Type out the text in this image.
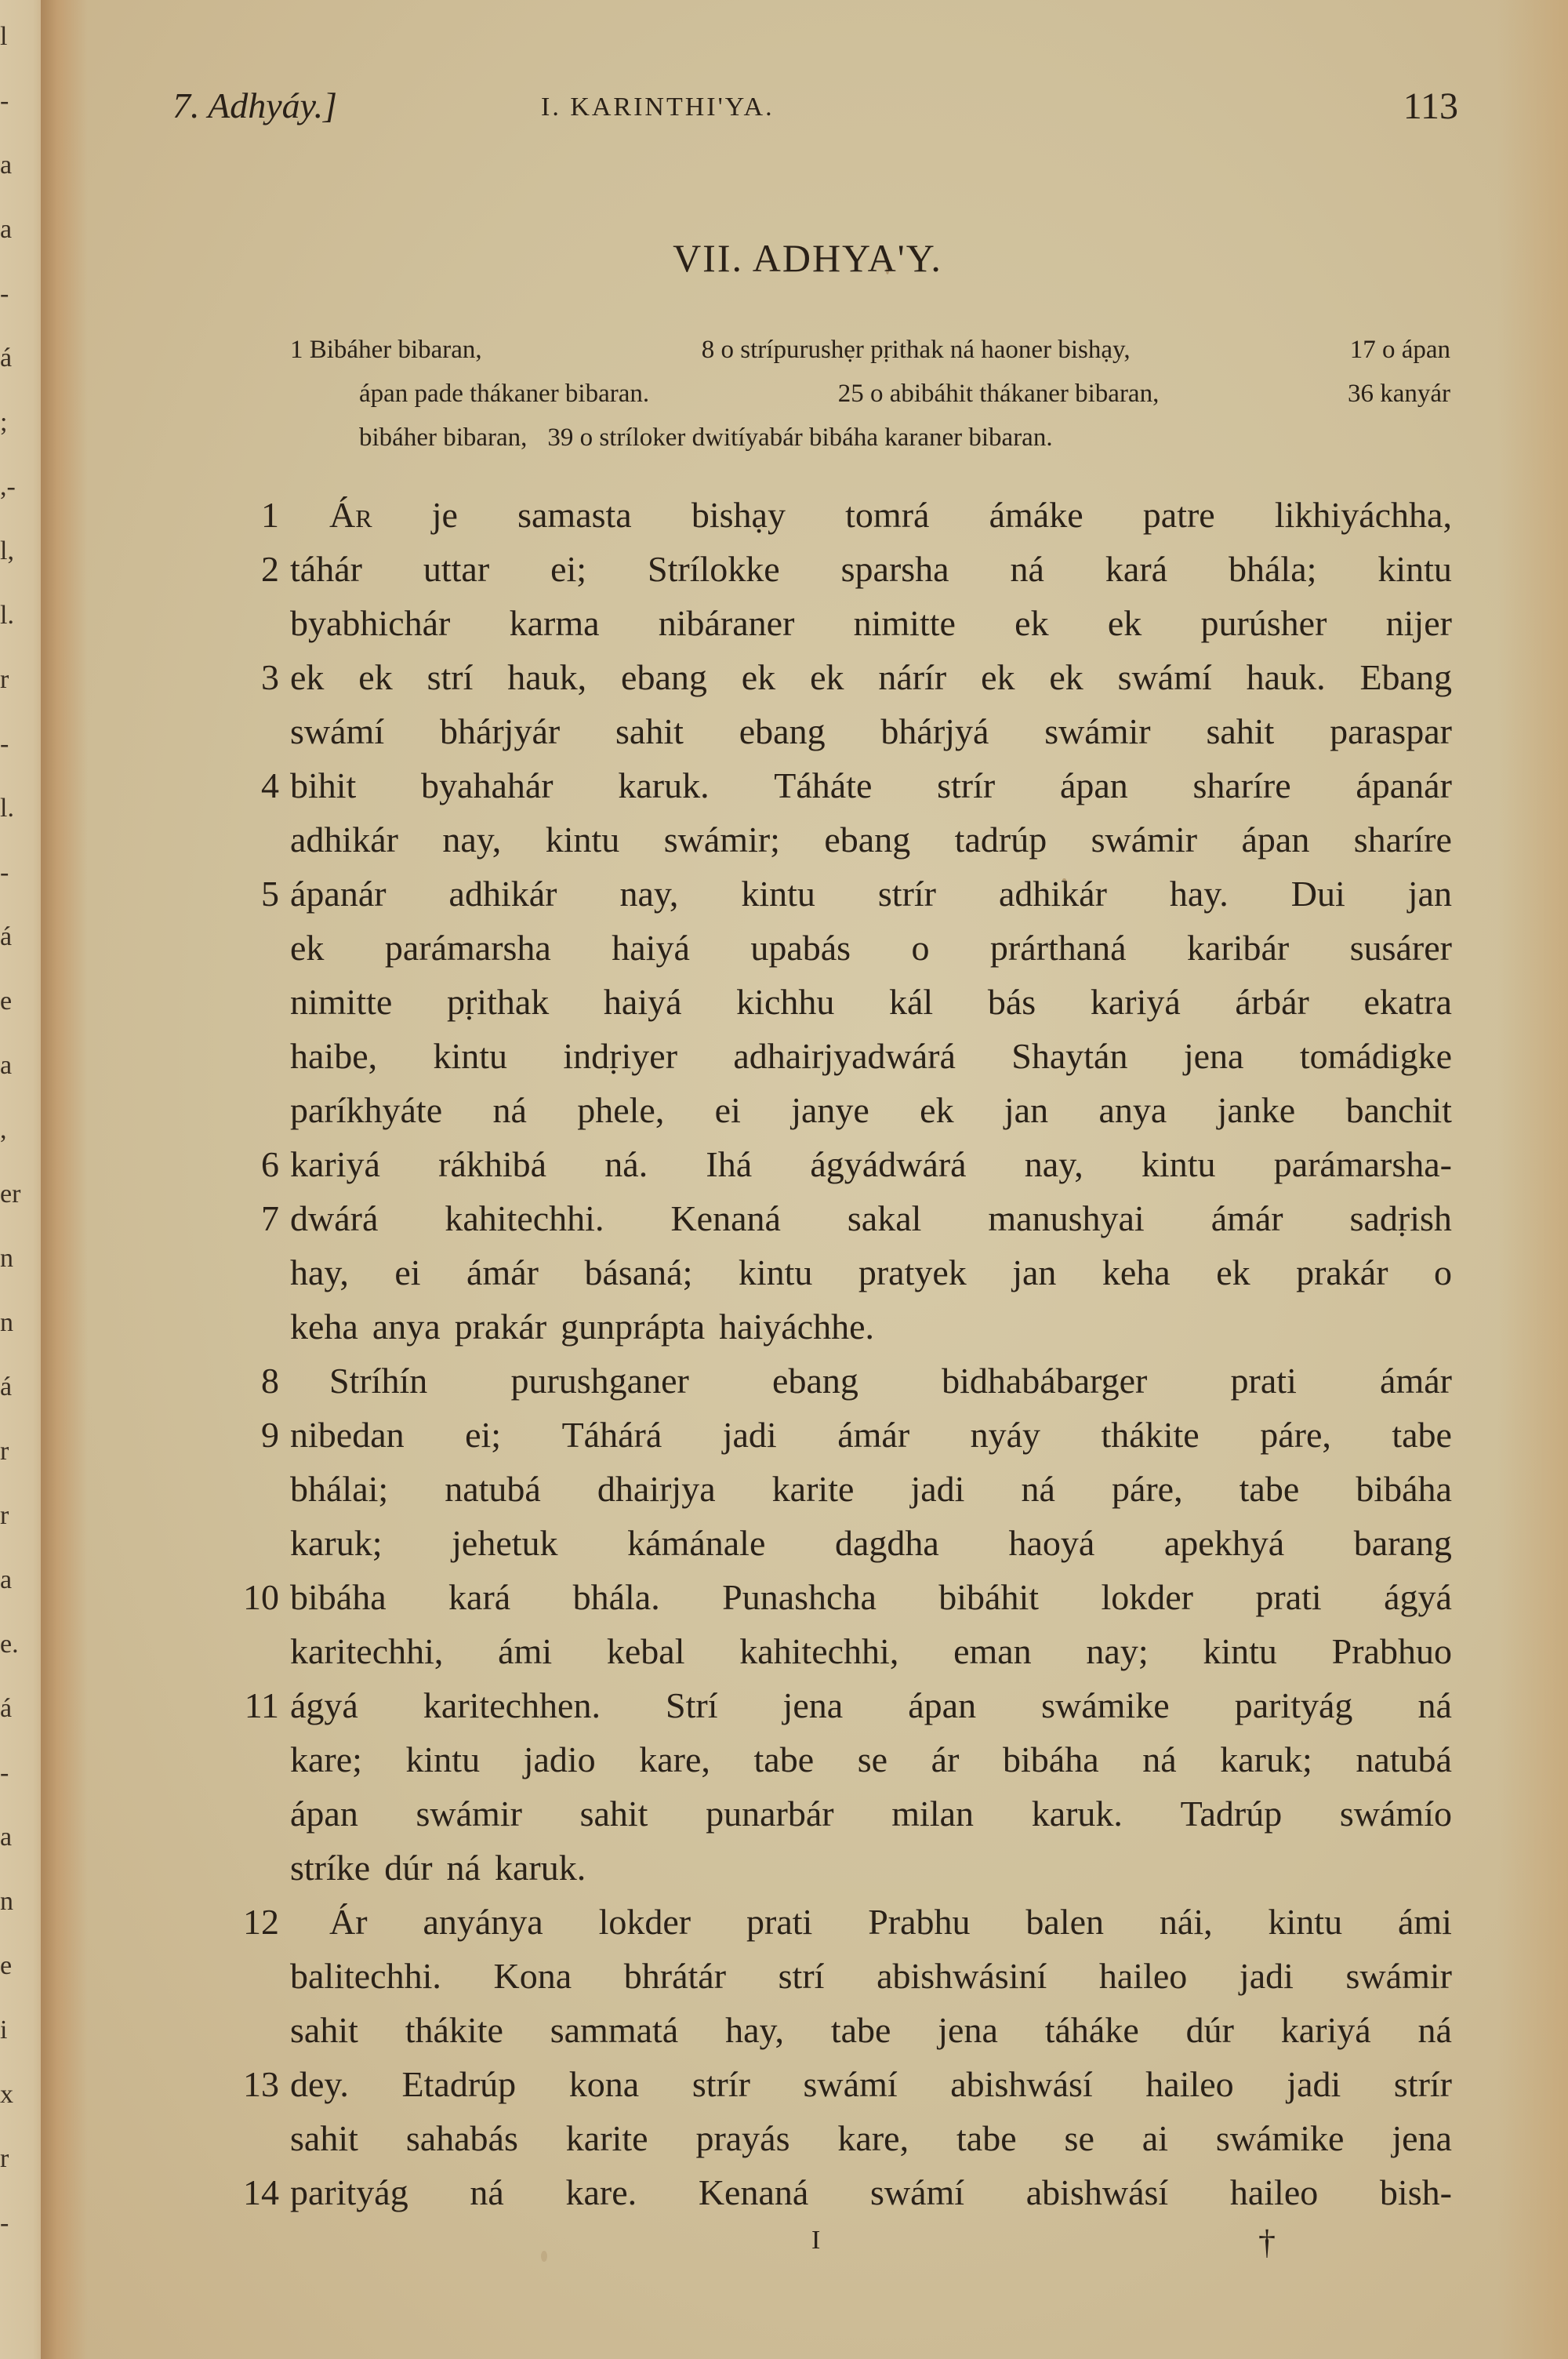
l
-
a
a
-
á
;
,-
l,
l.
r
-
l.
-
á
e
a
,
er
n
n
á
r
r
a
e.
á
-
a
n
e
i
x
r
-
7. Adhyáy.]	I. KARINTHI'YA.	113
VII. ADHYA'Y.
1 Bibáher bibaran,	8 o strípurushẹr pṛithak ná haoner bishạy,	17 o ápan
ápan pade thákaner bibaran.	25 o abibáhit thákaner bibaran,	36 kanyár
bibáher bibaran, 39 o stríloker dwitíyabár bibáha karaner bibaran.
1 Ár je samasta bishạy tomrá ámáke patre likhiyáchha,
2 táhár uttar ei; Strílokke sparsha ná kará bhála; kintu
byabhichár karma nibáraner nimitte ek ek purúsher nijer
3 ek ek strí hauk, ebang ek ek nárír ek ek swámí hauk. Ebang
swámí bhárjyár sahit ebang bhárjyá swámir sahit paraspar
4 bihit byahahár karuk. Táháte strír ápan sharíre ápanár
adhikár nay, kintu swámir; ebang tadrúp swámir ápan sharíre
5 ápanár adhikár nay, kintu strír adhikár hay. Dui jan
ek parámarsha haiyá upabás o prárthaná karibár susárer
nimitte pṛithak haiyá kichhu kál bás kariyá árbár ekatra
haibe, kintu indṛiyer adhairjyadwárá Shaytán jena tomádigke
paríkhyáte ná phele, ei janye ek jan anya janke banchit
6 kariyá rákhibá ná. Ihá ágyádwárá nay, kintu parámarsha-
7 dwárá kahitechhi. Kenaná sakal manushyai ámár sadṛish
hay, ei ámár básaná; kintu pratyek jan keha ek prakár o
keha anya prakár gunprápta haiyáchhe.
8 Stríhín purushganer ebang bidhabábarger prati ámár
9 nibedan ei; Táhárá jadi ámár nyáy thákite páre, tabe
bhálai; natubá dhairjya karite jadi ná páre, tabe bibáha
karuk; jehetuk kámánale dagdha haoyá apekhyá barang
10 bibáha kará bhála. Punashcha bibáhit lokder prati ágyá
karitechhi, ámi kebal kahitechhi, eman nay; kintu Prabhuo
11 ágyá karitechhen. Strí jena ápan swámike parityág ná
kare; kintu jadio kare, tabe se ár bibáha ná karuk; natubá
ápan swámir sahit punarbár milan karuk. Tadrúp swámío
stríke dúr ná karuk.
12 Ár anyánya lokder prati Prabhu balen nái, kintu ámi
balitechhi. Kona bhrátár strí abishwásiní haileo jadi swámir
sahit thákite sammatá hay, tabe jena táháke dúr kariyá ná
13 dey. Etadrúp kona strír swámí abishwásí haileo jadi strír
sahit sahabás karite prayás kare, tabe se ai swámike jena
14 parityág ná kare. Kenaná swámí abishwásí haileo bish-
I	†
